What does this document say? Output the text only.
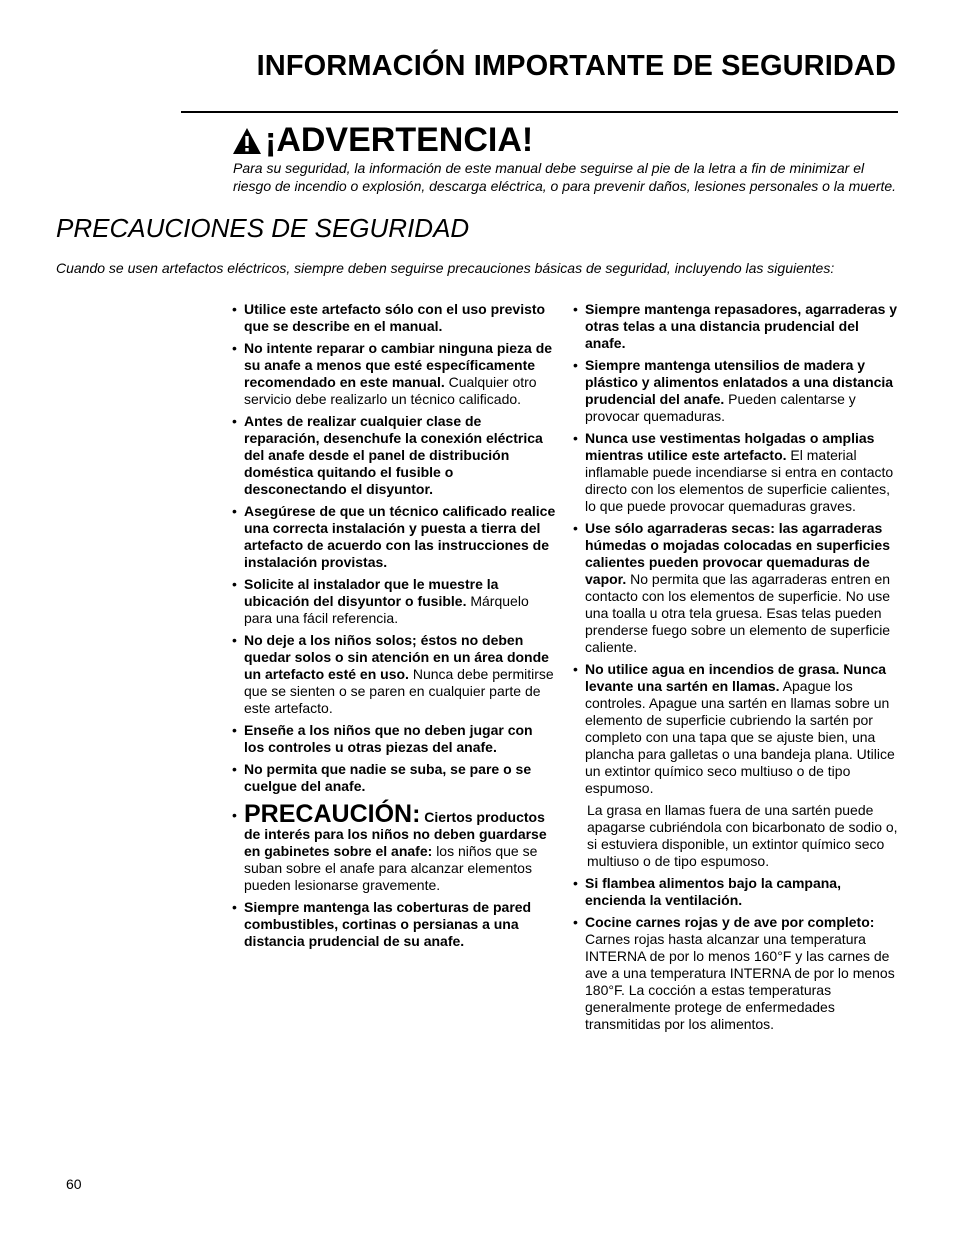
INFORMACIÓN IMPORTANTE DE SEGURIDAD
¡ADVERTENCIA!
Para su seguridad, la información de este manual debe seguirse al pie de la letra a fin de minimizar el riesgo de incendio o explosión, descarga eléctrica, o para prevenir daños, lesiones personales o la muerte.
PRECAUCIONES DE SEGURIDAD
Cuando se usen artefactos eléctricos, siempre deben seguirse precauciones básicas de seguridad, incluyendo las siguientes:
• Utilice este artefacto sólo con el uso previsto que se describe en el manual.
• No intente reparar o cambiar ninguna pieza de su anafe a menos que esté específicamente recomendado en este manual. Cualquier otro servicio debe realizarlo un técnico calificado.
• Antes de realizar cualquier clase de reparación, desenchufe la conexión eléctrica del anafe desde el panel de distribución doméstica quitando el fusible o desconectando el disyuntor.
• Asegúrese de que un técnico calificado realice una correcta instalación y puesta a tierra del artefacto de acuerdo con las instrucciones de instalación provistas.
• Solicite al instalador que le muestre la ubicación del disyuntor o fusible. Márquelo para una fácil referencia.
• No deje a los niños solos; éstos no deben quedar solos o sin atención en un área donde un artefacto esté en uso. Nunca debe permitirse que se sienten o se paren en cualquier parte de este artefacto.
• Enseñe a los niños que no deben jugar con los controles u otras piezas del anafe.
• No permita que nadie se suba, se pare o se cuelgue del anafe.
• PRECAUCIÓN: Ciertos productos de interés para los niños no deben guardarse en gabinetes sobre el anafe: los niños que se suban sobre el anafe para alcanzar elementos pueden lesionarse gravemente.
• Siempre mantenga las coberturas de pared combustibles, cortinas o persianas a una distancia prudencial de su anafe.
• Siempre mantenga repasadores, agarraderas y otras telas a una distancia prudencial del anafe.
• Siempre mantenga utensilios de madera y plástico y alimentos enlatados a una distancia prudencial del anafe. Pueden calentarse y provocar quemaduras.
• Nunca use vestimentas holgadas o amplias mientras utilice este artefacto. El material inflamable puede incendiarse si entra en contacto directo con los elementos de superficie calientes, lo que puede provocar quemaduras graves.
• Use sólo agarraderas secas: las agarraderas húmedas o mojadas colocadas en superficies calientes pueden provocar quemaduras de vapor. No permita que las agarraderas entren en contacto con los elementos de superficie. No use una toalla u otra tela gruesa. Esas telas pueden prenderse fuego sobre un elemento de superficie caliente.
• No utilice agua en incendios de grasa. Nunca levante una sartén en llamas. Apague los controles. Apague una sartén en llamas sobre un elemento de superficie cubriendo la sartén por completo con una tapa que se ajuste bien, una plancha para galletas o una bandeja plana. Utilice un extintor químico seco multiuso o de tipo espumoso.
La grasa en llamas fuera de una sartén puede apagarse cubriéndola con bicarbonato de sodio o, si estuviera disponible, un extintor químico seco multiuso o de tipo espumoso.
• Si flambea alimentos bajo la campana, encienda la ventilación.
• Cocine carnes rojas y de ave por completo: Carnes rojas hasta alcanzar una temperatura INTERNA de por lo menos 160°F y las carnes de ave a una temperatura INTERNA de por lo menos 180°F. La cocción a estas temperaturas generalmente protege de enfermedades transmitidas por los alimentos.
60
